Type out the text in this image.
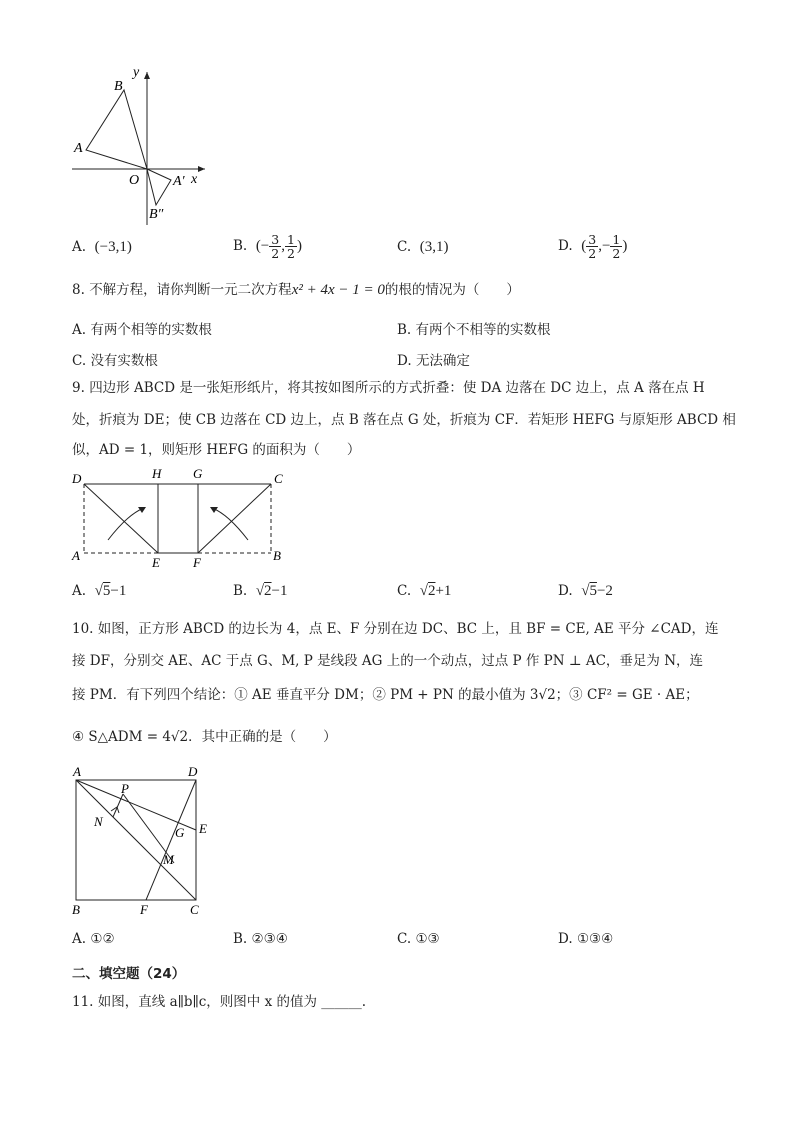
y
x
O
A
B
A′
B″
A. (−3,1)	B. (− $\frac{3}{2}$ , $\frac{1}{2}$ )	C. (3,1)	D. ( $\frac{3}{2}$ ,− $\frac{1}{2}$ )
8. 不解方程，请你判断一元二次方程x² + 4x − 1 = 0的根的情况为（　　）
A. 有两个相等的实数根	B. 有两个不相等的实数根
C. 没有实数根	D. 无法确定
9. 四边形 ABCD 是一张矩形纸片，将其按如图所示的方式折叠：使 DA 边落在 DC 边上，点 A 落在点 H
处，折痕为 DE；使 CB 边落在 CD 边上，点 B 落在点 G 处，折痕为 CF．若矩形 HEFG 与原矩形 ABCD 相
似，AD = 1，则矩形 HEFG 的面积为（　　）
D	H G	C
A	E	F	B
A. √5−1	B. √2−1	C. √2+1	D. √5−2
10. 如图，正方形 ABCD 的边长为 4，点 E、F 分别在边 DC、BC 上，且 BF = CE, AE 平分 ∠CAD，连
接 DF，分别交 AE、AC 于点 G、M, P 是线段 AG 上的一个动点，过点 P 作 PN ⊥ AC，垂足为 N，连
接 PM．有下列四个结论：① AE 垂直平分 DM；② PM + PN 的最小值为 3√2；③ CF² = GE · AE；
④ S△ADM = 4√2．其中正确的是（　　）
A	D
P
N
G E
M
B	F	C
A. ①②	B. ②③④	C. ①③	D. ①③④
二、填空题（24）
11. 如图，直线 a∥b∥c，则图中 x 的值为 ______.
